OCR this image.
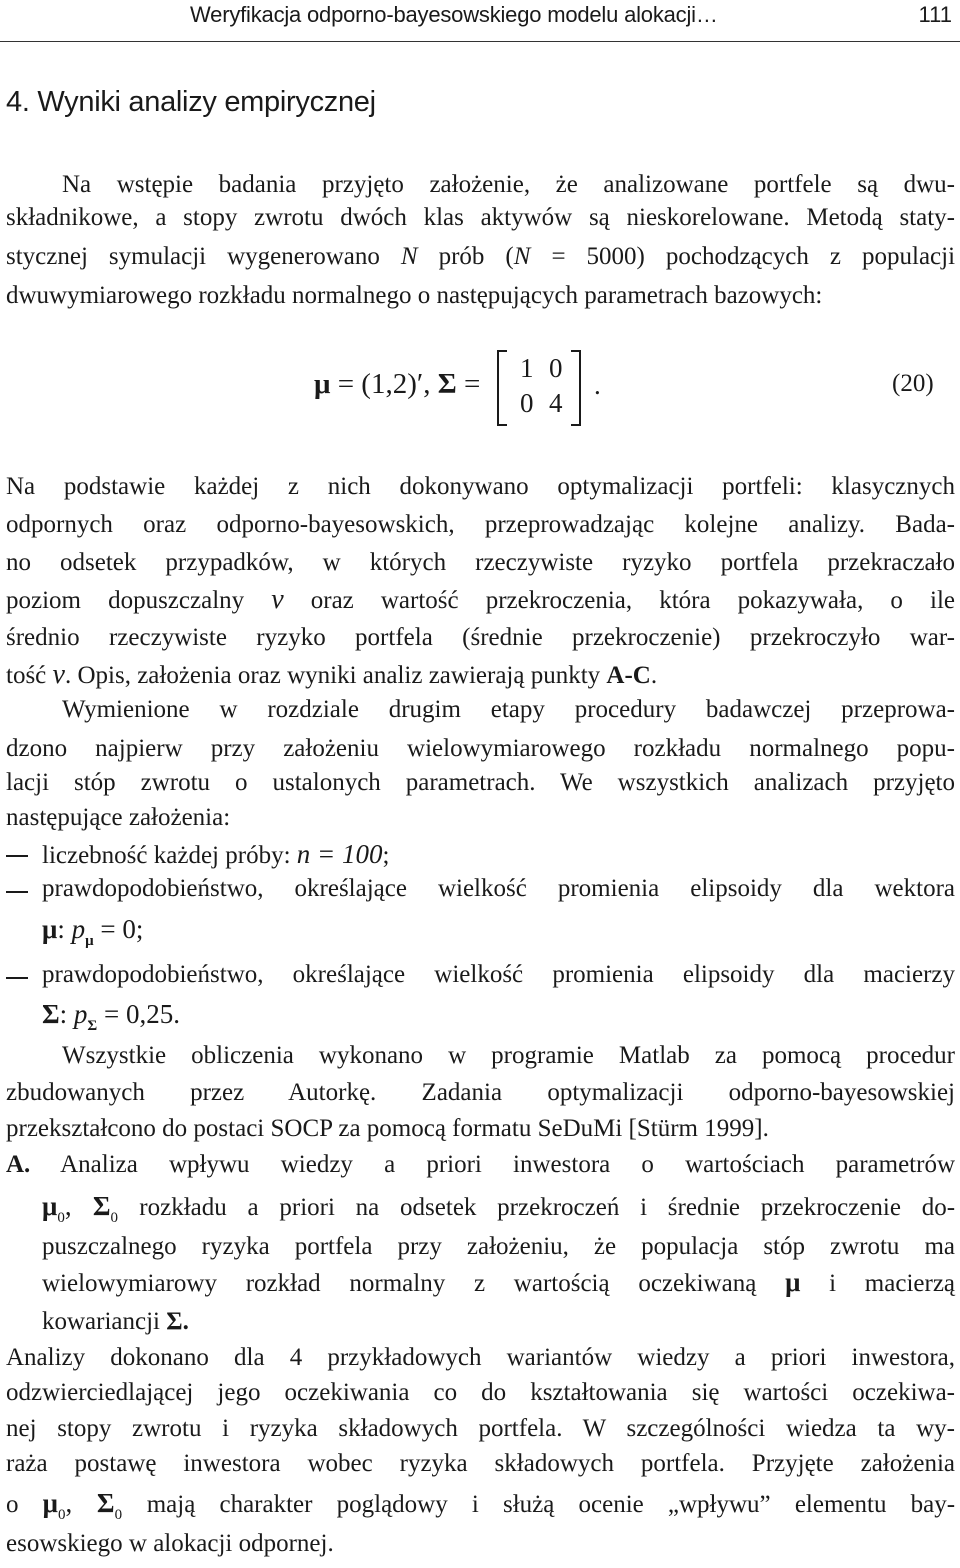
Weryfikacja odporno-bayesowskiego modelu alokacji…	111
4. Wyniki analizy empirycznej
Na wstępie badania przyjęto założenie, że analizowane portfele są dwu-
składnikowe, a stopy zwrotu dwóch klas aktywów są nieskorelowane. Metodą staty-
stycznej symulacji wygenerowano N prób (N = 5000) pochodzących z populacji
dwuwymiarowego rozkładu normalnego o następujących parametrach bazowych:
μ = (1,2)′, Σ = 1 0
0 4
.	(20)
Na podstawie każdej z nich dokonywano optymalizacji portfeli: klasycznych
odpornych oraz odporno-bayesowskich, przeprowadzając kolejne analizy. Bada-
no odsetek przypadków, w których rzeczywiste ryzyko portfela przekraczało
poziom dopuszczalny ν oraz wartość przekroczenia, która pokazywała, o ile
średnio rzeczywiste ryzyko portfela (średnie przekroczenie) przekroczyło war-
tość ν. Opis, założenia oraz wyniki analiz zawierają punkty A-C.
Wymienione w rozdziale drugim etapy procedury badawczej przeprowa-
dzono najpierw przy założeniu wielowymiarowego rozkładu normalnego popu-
lacji stóp zwrotu o ustalonych parametrach. We wszystkich analizach przyjęto
następujące założenia:
liczebność każdej próby: n = 100;
prawdopodobieństwo, określające wielkość promienia elipsoidy dla wektora
μ: $p_\mu = 0$;
prawdopodobieństwo, określające wielkość promienia elipsoidy dla macierzy
Σ: $p_\Sigma = 0,25$.
Wszystkie obliczenia wykonano w programie Matlab za pomocą procedur
zbudowanych przez Autorkę. Zadania optymalizacji odporno-bayesowskiej
przekształcono do postaci SOCP za pomocą formatu SeDuMi [Stürm 1999].
A. Analiza wpływu wiedzy a priori inwestora o wartościach parametrów
$\mu_0$, $\Sigma_0$ rozkładu a priori na odsetek przekroczeń i średnie przekroczenie do-
puszczalnego ryzyka portfela przy założeniu, że populacja stóp zwrotu ma
wielowymiarowy rozkład normalny z wartością oczekiwaną μ i macierzą
kowariancji Σ.
Analizy dokonano dla 4 przykładowych wariantów wiedzy a priori inwestora,
odzwierciedlającej jego oczekiwania co do kształtowania się wartości oczekiwa-
nej stopy zwrotu i ryzyka składowych portfela. W szczególności wiedza ta wy-
raża postawę inwestora wobec ryzyka składowych portfela. Przyjęte założenia
o $\mu_0$, $\Sigma_0$ mają charakter poglądowy i służą ocenie „wpływu” elementu bay-
esowskiego w alokacji odpornej.
